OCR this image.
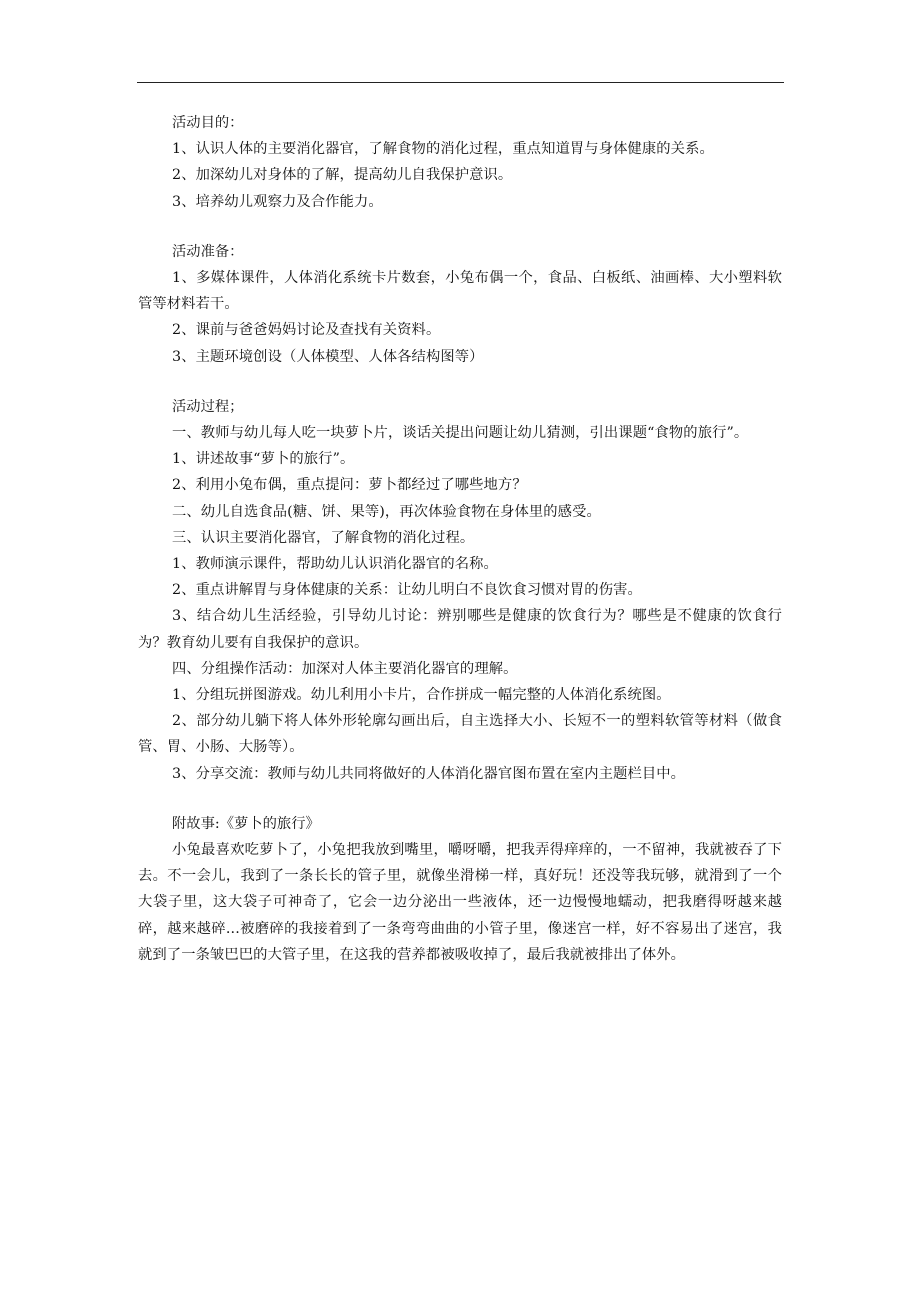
活动目的：

1、认识人体的主要消化器官，了解食物的消化过程，重点知道胃与身体健康的关系。

2、加深幼儿对身体的了解，提高幼儿自我保护意识。

3、培养幼儿观察力及合作能力。

活动准备：

1、多媒体课件，人体消化系统卡片数套，小兔布偶一个，食品、白板纸、油画棒、大小塑料软管等材料若干。

2、课前与爸爸妈妈讨论及查找有关资料。

3、主题环境创设（人体模型、人体各结构图等）

活动过程；

一、教师与幼儿每人吃一块萝卜片，谈话关提出问题让幼儿猜测，引出课题“食物的旅行”。

1、讲述故事“萝卜的旅行”。

2、利用小兔布偶，重点提问：萝卜都经过了哪些地方？

二、幼儿自选食品(糖、饼、果等)，再次体验食物在身体里的感受。

三、认识主要消化器官，了解食物的消化过程。

1、教师演示课件，帮助幼儿认识消化器官的名称。

2、重点讲解胃与身体健康的关系：让幼儿明白不良饮食习惯对胃的伤害。

3、结合幼儿生活经验，引导幼儿讨论：辨别哪些是健康的饮食行为？哪些是不健康的饮食行为？教育幼儿要有自我保护的意识。

四、分组操作活动：加深对人体主要消化器官的理解。

1、分组玩拼图游戏。幼儿利用小卡片，合作拼成一幅完整的人体消化系统图。

2、部分幼儿躺下将人体外形轮廓勾画出后，自主选择大小、长短不一的塑料软管等材料（做食管、胃、小肠、大肠等）。

3、分享交流：教师与幼儿共同将做好的人体消化器官图布置在室内主题栏目中。

附故事:《萝卜的旅行》

小兔最喜欢吃萝卜了，小兔把我放到嘴里，嚼呀嚼，把我弄得痒痒的，一不留神，我就被吞了下去。不一会儿，我到了一条长长的管子里，就像坐滑梯一样，真好玩！还没等我玩够，就滑到了一个大袋子里，这大袋子可神奇了，它会一边分泌出一些液体，还一边慢慢地蠕动，把我磨得呀越来越碎，越来越碎...被磨碎的我接着到了一条弯弯曲曲的小管子里，像迷宫一样，好不容易出了迷宫，我就到了一条皱巴巴的大管子里，在这我的营养都被吸收掉了，最后我就被排出了体外。
